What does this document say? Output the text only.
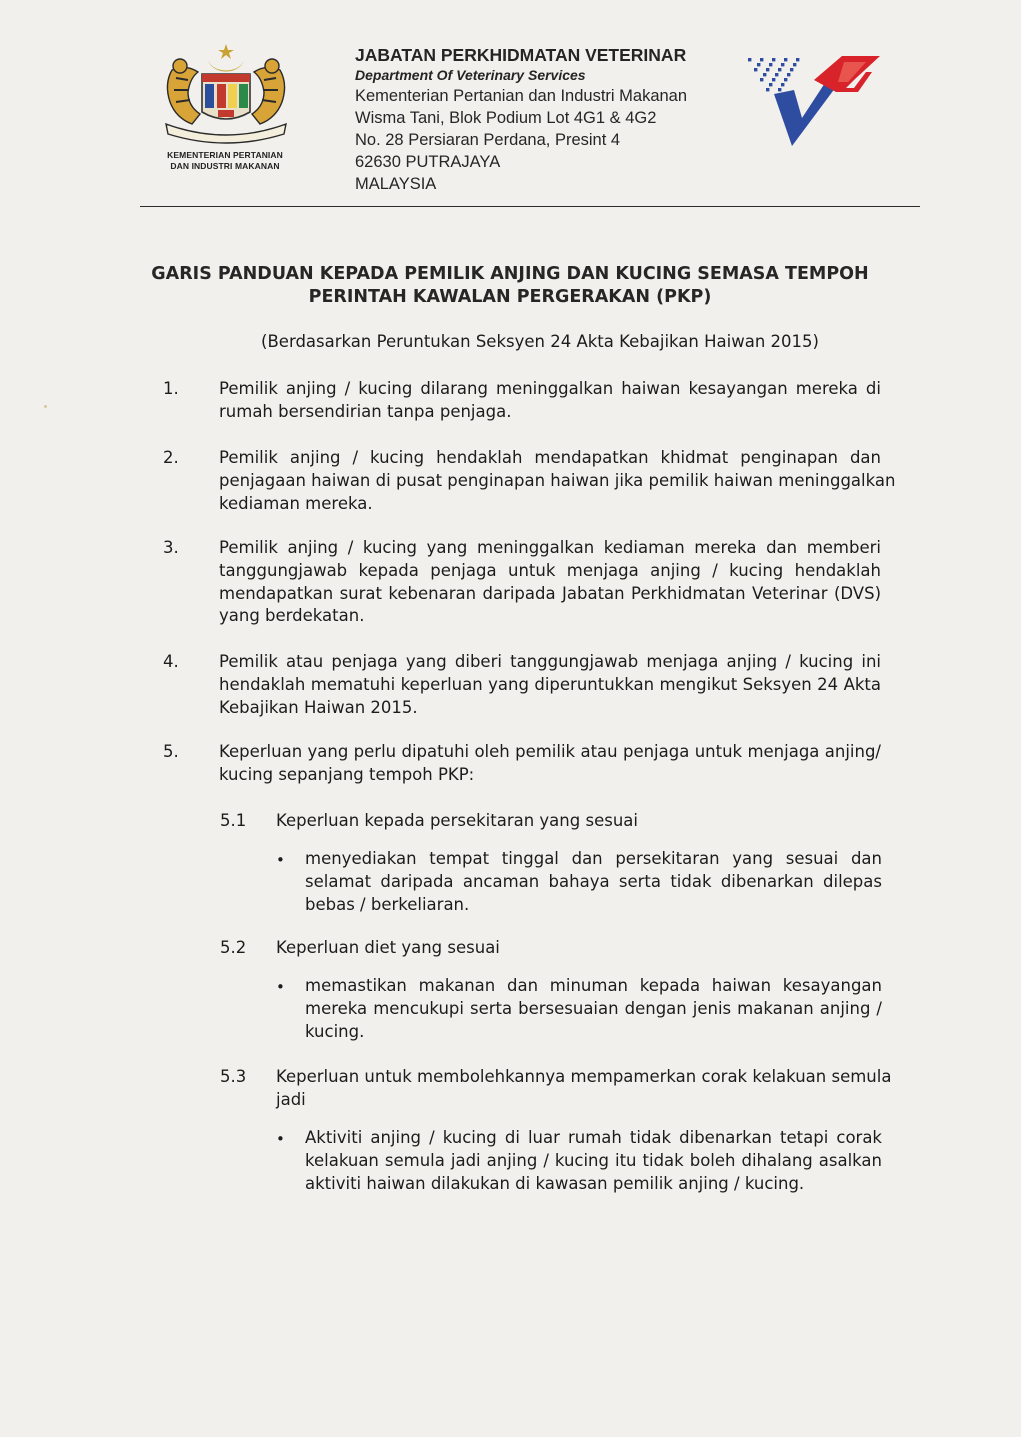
KEMENTERIAN PERTANIAN
DAN INDUSTRI MAKANAN
JABATAN PERKHIDMATAN VETERINAR
Department Of Veterinary Services
Kementerian Pertanian dan Industri Makanan
Wisma Tani, Blok Podium Lot 4G1 & 4G2
No. 28 Persiaran Perdana, Presint 4
62630 PUTRAJAYA
MALAYSIA
GARIS PANDUAN KEPADA PEMILIK ANJING DAN KUCING SEMASA TEMPOH
PERINTAH KAWALAN PERGERAKAN (PKP)
(Berdasarkan Peruntukan Seksyen 24 Akta Kebajikan Haiwan 2015)
1. Pemilik anjing / kucing dilarang meninggalkan haiwan kesayangan mereka di
rumah bersendirian tanpa penjaga.
2. Pemilik anjing / kucing hendaklah mendapatkan khidmat penginapan dan
penjagaan haiwan di pusat penginapan haiwan jika pemilik haiwan meninggalkan
kediaman mereka.
3. Pemilik anjing / kucing yang meninggalkan kediaman mereka dan memberi
tanggungjawab kepada penjaga untuk menjaga anjing / kucing hendaklah
mendapatkan surat kebenaran daripada Jabatan Perkhidmatan Veterinar (DVS)
yang berdekatan.
4. Pemilik atau penjaga yang diberi tanggungjawab menjaga anjing / kucing ini
hendaklah mematuhi keperluan yang diperuntukkan mengikut Seksyen 24 Akta
Kebajikan Haiwan 2015.
5. Keperluan yang perlu dipatuhi oleh pemilik atau penjaga untuk menjaga anjing/
kucing sepanjang tempoh PKP:
5.1 Keperluan kepada persekitaran yang sesuai
• menyediakan tempat tinggal dan persekitaran yang sesuai dan
selamat daripada ancaman bahaya serta tidak dibenarkan dilepas
bebas / berkeliaran.
5.2 Keperluan diet yang sesuai
• memastikan makanan dan minuman kepada haiwan kesayangan
mereka mencukupi serta bersesuaian dengan jenis makanan anjing /
kucing.
5.3 Keperluan untuk membolehkannya mempamerkan corak kelakuan semula
jadi
• Aktiviti anjing / kucing di luar rumah tidak dibenarkan tetapi corak
kelakuan semula jadi anjing / kucing itu tidak boleh dihalang asalkan
aktiviti haiwan dilakukan di kawasan pemilik anjing / kucing.
